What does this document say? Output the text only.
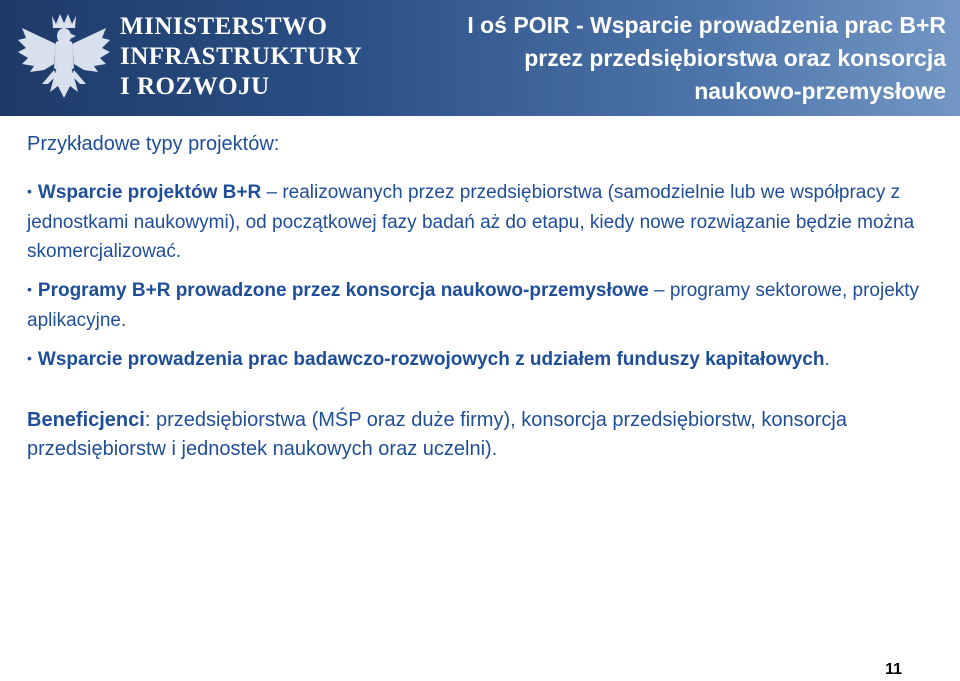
MINISTERSTWO
INFRASTRUKTURY
I ROZWOJU
I oś POIR - Wsparcie prowadzenia prac B+R
przez przedsiębiorstwa oraz konsorcja
naukowo-przemysłowe
Przykładowe typy projektów:
• Wsparcie projektów B+R – realizowanych przez przedsiębiorstwa (samodzielnie lub we współpracy z jednostkami naukowymi), od początkowej fazy badań aż do etapu, kiedy nowe rozwiązanie będzie można skomercjalizować.
• Programy B+R prowadzone przez konsorcja naukowo-przemysłowe – programy sektorowe, projekty aplikacyjne.
• Wsparcie prowadzenia prac badawczo-rozwojowych z udziałem funduszy kapitałowych.
Beneficjenci: przedsiębiorstwa (MŚP oraz duże firmy), konsorcja przedsiębiorstw, konsorcja przedsiębiorstw i jednostek naukowych oraz uczelni).
11
